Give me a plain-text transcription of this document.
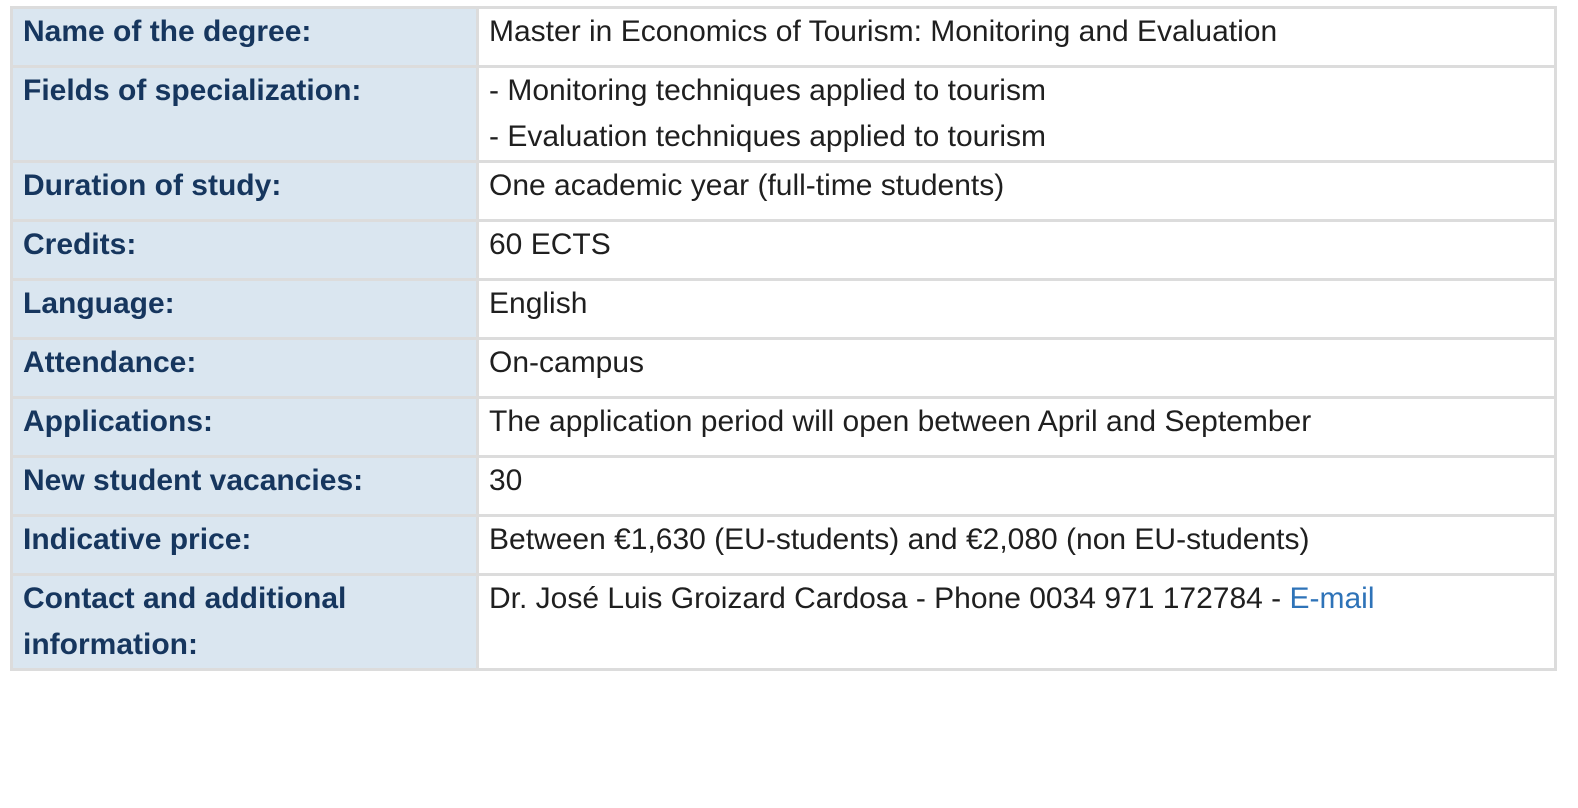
Name of the degree:	Master in Economics of Tourism: Monitoring and Evaluation
Fields of specialization:	- Monitoring techniques applied to tourism
- Evaluation techniques applied to tourism

Duration of study:	One academic year (full-time students)
Credits:	60 ECTS
Language:	English
Attendance:	On-campus
Applications:	The application period will open between April and September
New student vacancies:	30
Indicative price:	Between €1,630 (EU-students) and €2,080 (non EU-students)
Contact and additional information:	Dr. José Luis Groizard Cardosa - Phone 0034 971 172784 - E-mail
